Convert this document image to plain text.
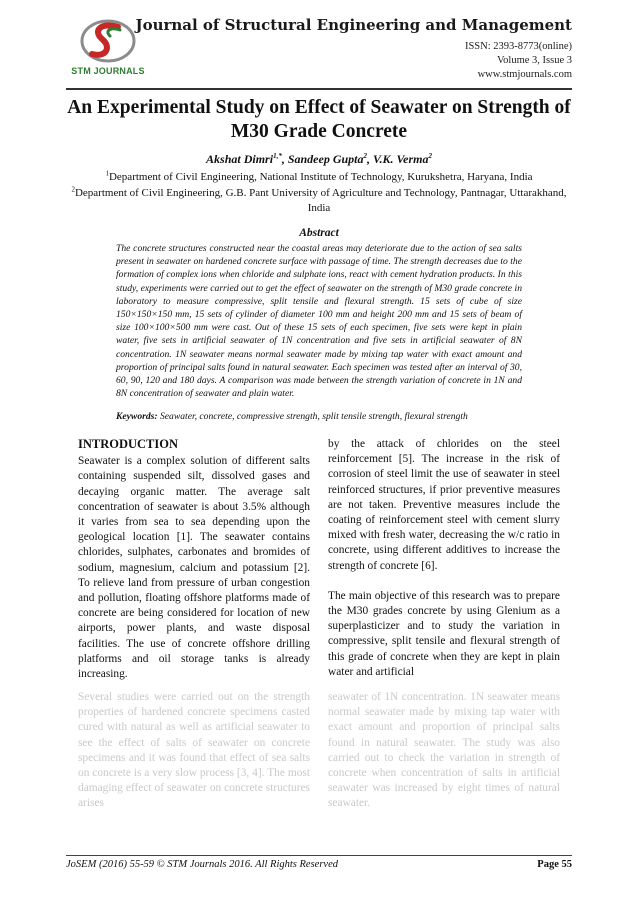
STM JOURNALS
Journal of Structural Engineering and Management
ISSN: 2393-8773(online)
Volume 3, Issue 3
www.stmjournals.com
An Experimental Study on Effect of Seawater on Strength of M30 Grade Concrete
Akshat Dimri$^{1,*}$, Sandeep Gupta$^2$, V.K. Verma$^2$
$^1$Department of Civil Engineering, National Institute of Technology, Kurukshetra, Haryana, India
$^2$Department of Civil Engineering, G.B. Pant University of Agriculture and Technology, Pantnagar, Uttarakhand, India
Abstract
The concrete structures constructed near the coastal areas may deteriorate due to the action of sea salts present in seawater on hardened concrete surface with passage of time. The strength decreases due to the formation of complex ions when chloride and sulphate ions, react with cement hydration products. In this study, experiments were carried out to get the effect of seawater on the strength of M30 grade concrete in laboratory to measure compressive, split tensile and flexural strength. 15 sets of cube of size 150×150×150 mm, 15 sets of cylinder of diameter 100 mm and height 200 mm and 15 sets of beam of size 100×100×500 mm were cast. Out of these 15 sets of each specimen, five sets were kept in plain water, five sets in artificial seawater of 1N concentration and five sets in artificial seawater of 8N concentration. 1N seawater means normal seawater made by mixing tap water with exact amount and proportion of principal salts found in natural seawater. Each specimen was tested after an interval of 30, 60, 90, 120 and 180 days. A comparison was made between the strength variation of concrete in 1N and 8N concentration of seawater and plain water.
Keywords: Seawater, concrete, compressive strength, split tensile strength, flexural strength
INTRODUCTION

Seawater is a complex solution of different salts containing suspended silt, dissolved gases and decaying organic matter. The average salt concentration of seawater is about 3.5% although it varies from sea to sea depending upon the geological location [1]. The seawater contains chlorides, sulphates, carbonates and bromides of sodium, magnesium, calcium and potassium [2]. To relieve land from pressure of urban congestion and pollution, floating offshore platforms made of concrete are being considered for location of new airports, power plants, and waste disposal facilities. The use of concrete offshore drilling platforms and oil storage tanks is already increasing.

Several studies were carried out on the strength properties of hardened concrete specimens casted cured with natural as well as artificial seawater to see the effect of salts of seawater on concrete specimens and it was found that effect of sea salts on concrete is a very slow process [3, 4]. The most damaging effect of seawater on concrete structures arises

by the attack of chlorides on the steel reinforcement [5]. The increase in the risk of corrosion of steel limit the use of seawater in steel reinforced structures, if prior preventive measures are not taken. Preventive measures include the coating of reinforcement steel with cement slurry mixed with fresh water, decreasing the w/c ratio in concrete, using different additives to increase the strength of concrete [6].

The main objective of this research was to prepare the M30 grades concrete by using Glenium as a superplasticizer and to study the variation in compressive, split tensile and flexural strength of this grade of concrete when they are kept in plain water and artificial

seawater of 1N concentration. 1N seawater means normal seawater made by mixing tap water with exact amount and proportion of principal salts found in natural seawater. The study was also carried out to check the variation in strength of concrete when concentration of salts in artificial seawater was increased by eight times of natural seawater.

JoSEM (2016) 55-59 © STM Journals 2016. All Rights Reserved	Page 55
